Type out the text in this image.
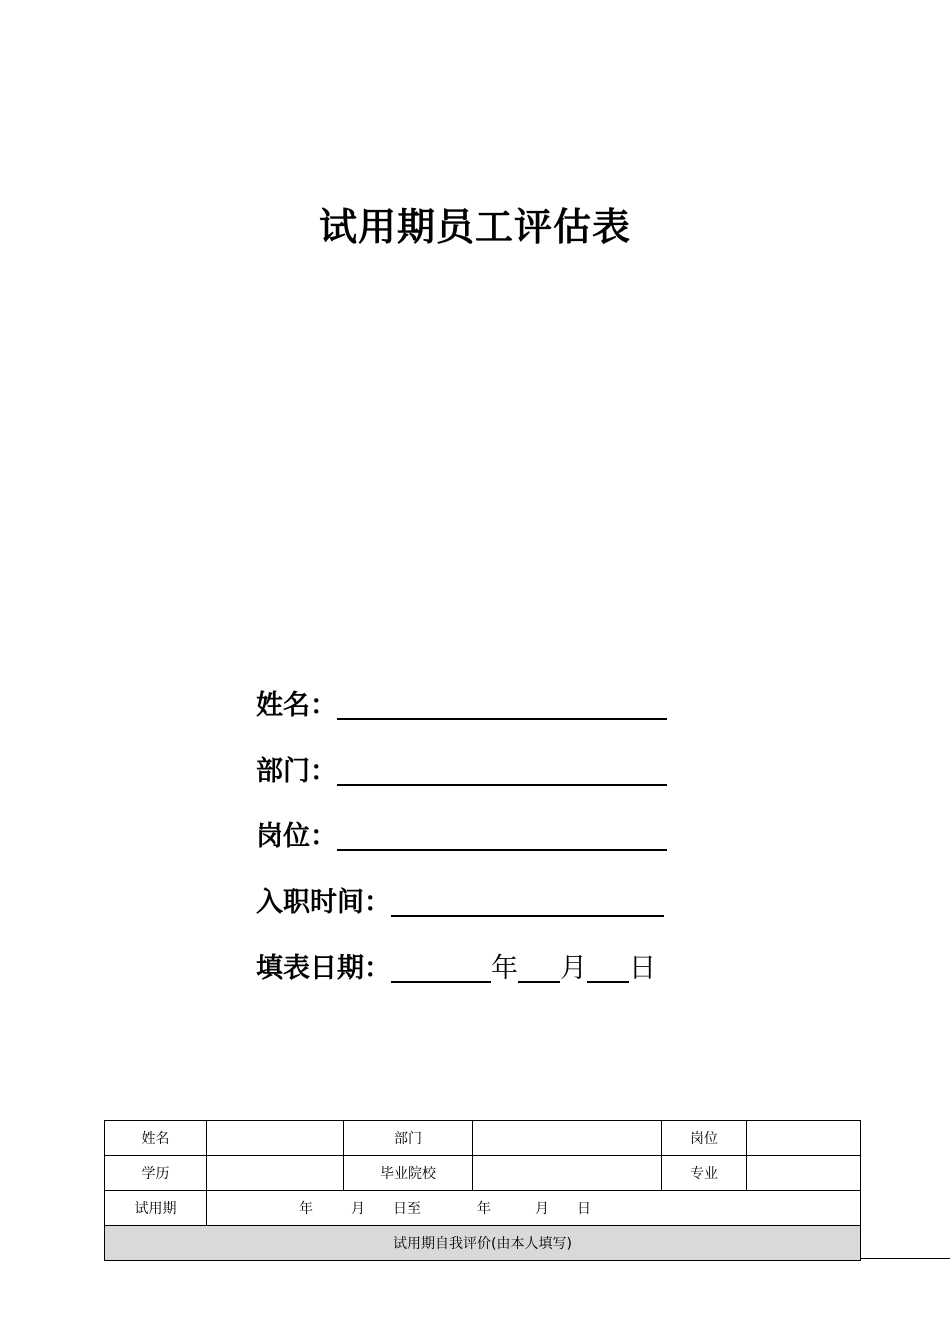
试用期员工评估表
姓名：
部门：
岗位：
入职时间：
填表日期：	年 月 日
姓名		部门		岗位	
学历		毕业院校		专业	
试用期	年 月 日至 年 月 日				
试用期自我评价(由本人填写)					
